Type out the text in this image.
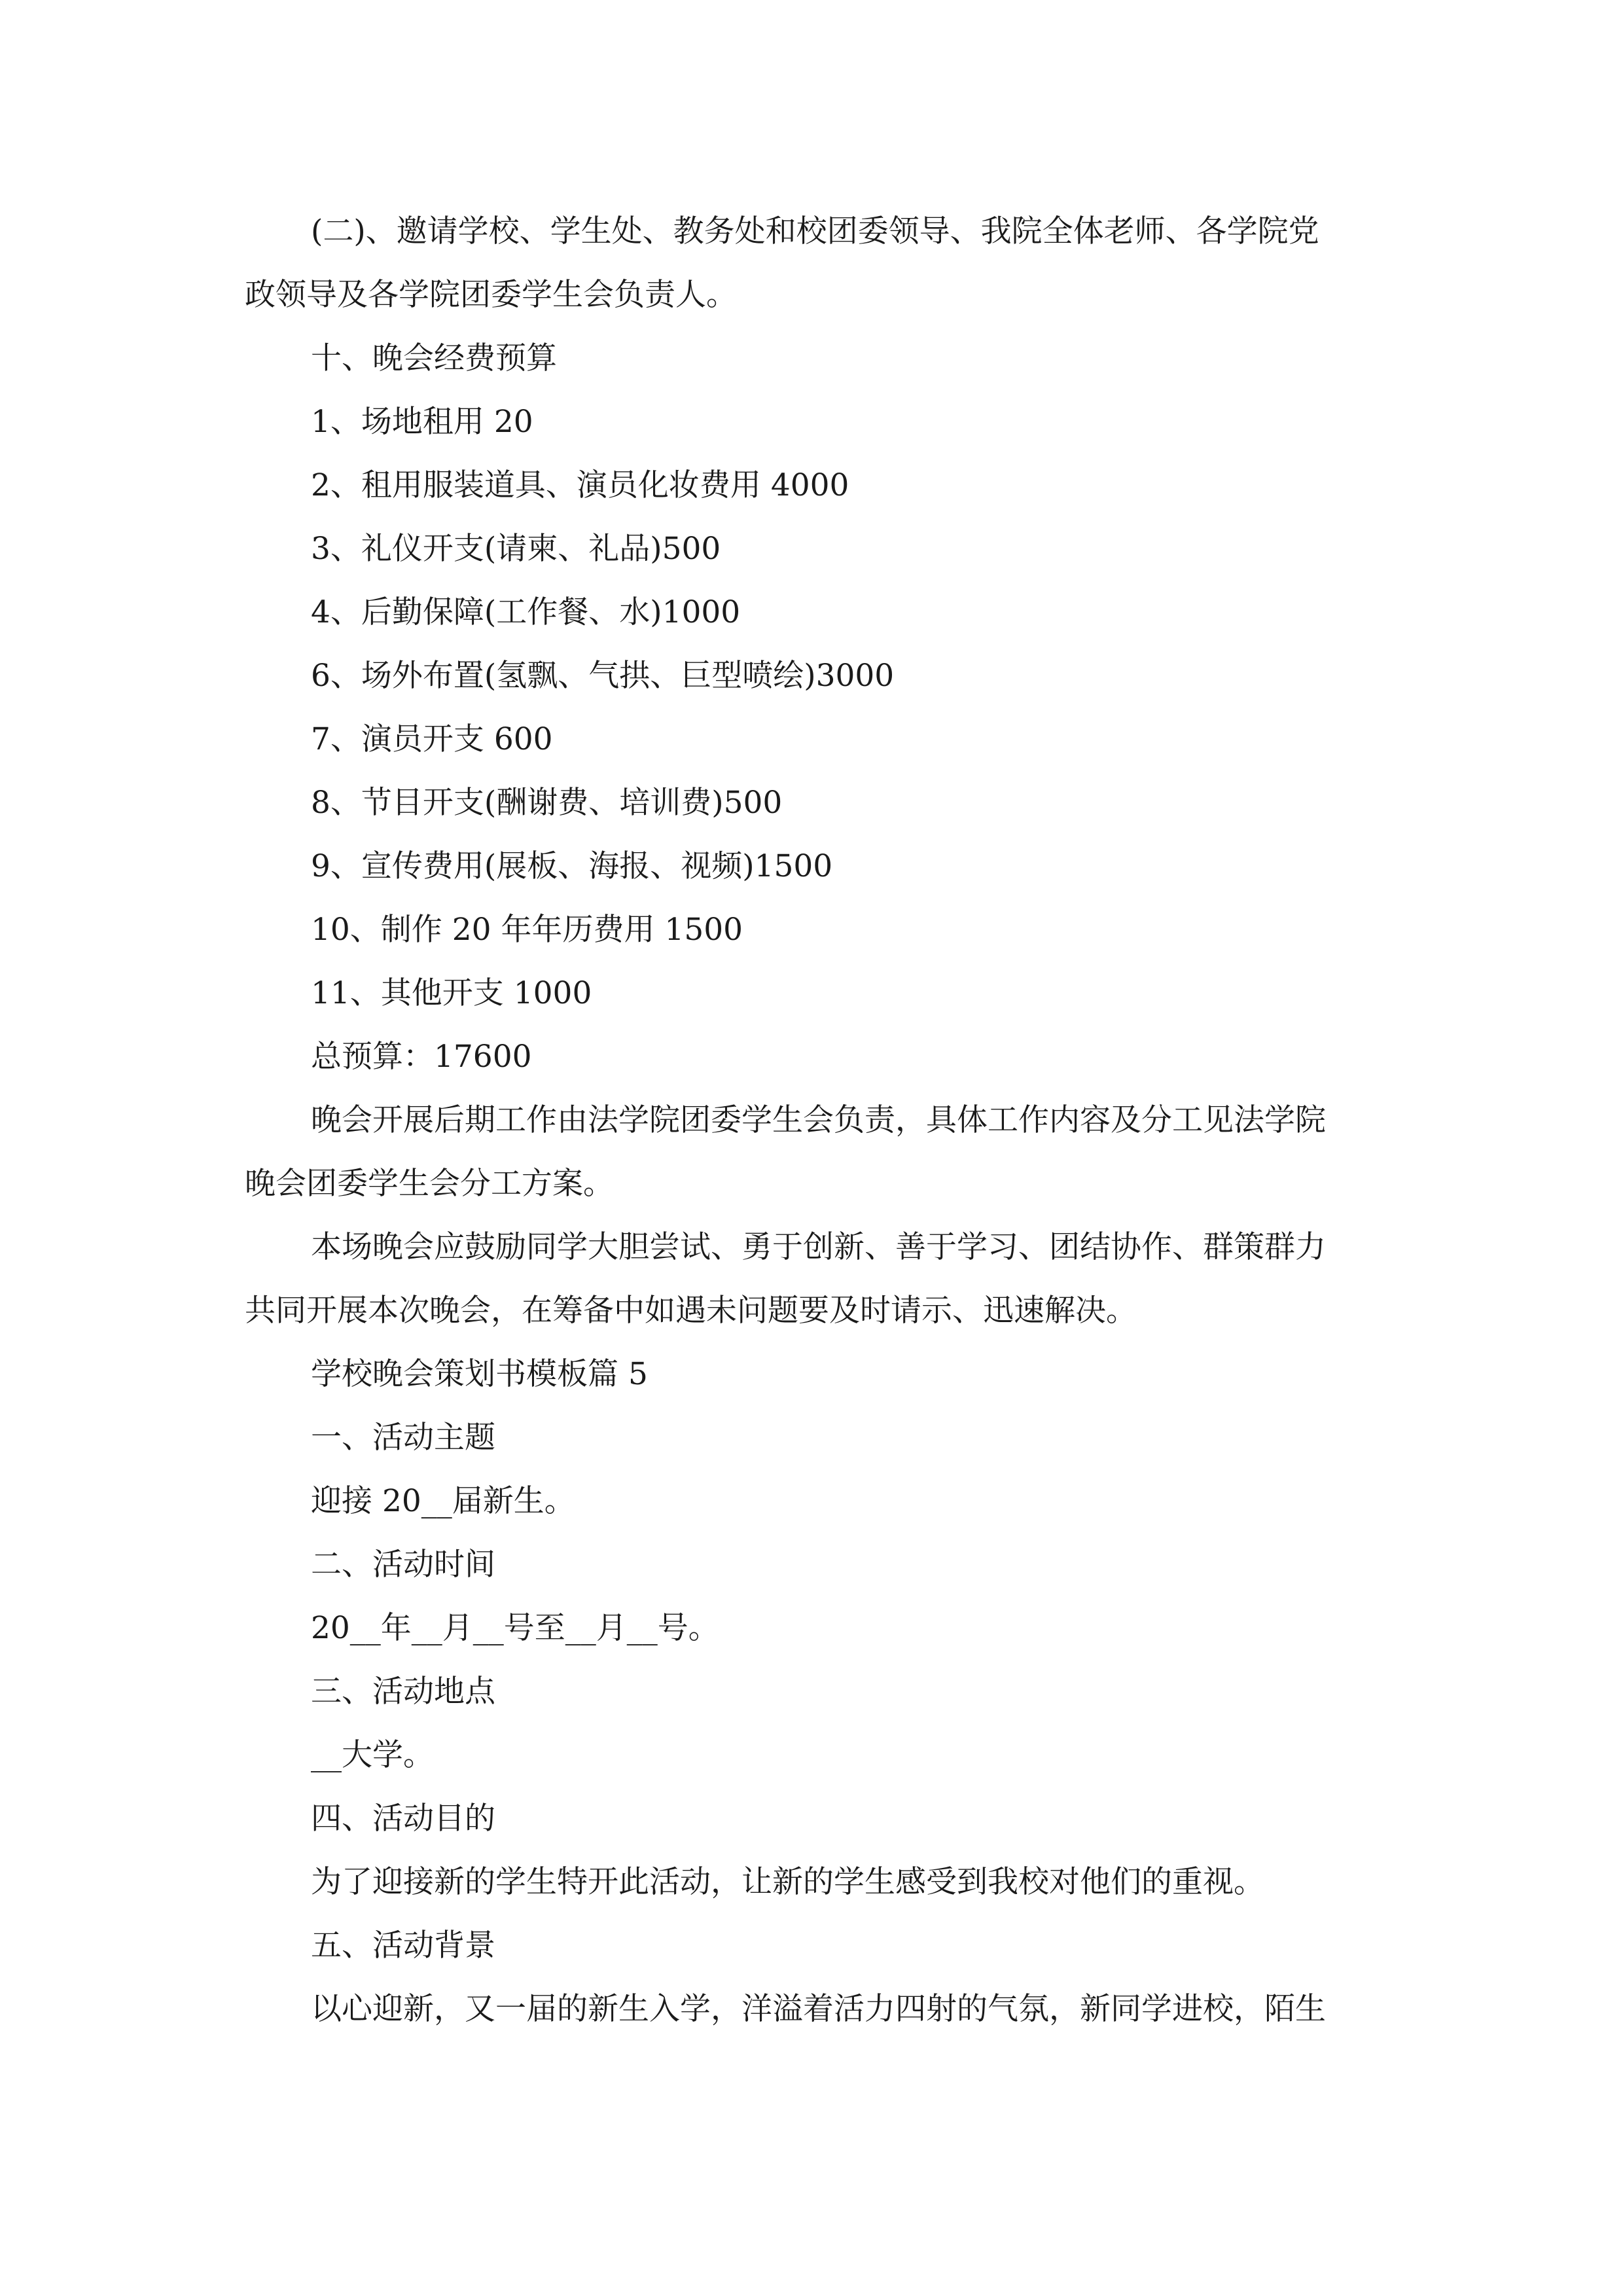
(二)、邀请学校、学生处、教务处和校团委领导、我院全体老师、各学院党

政领导及各学院团委学生会负责人。

十、晚会经费预算

1、场地租用 20

2、租用服装道具、演员化妆费用 4000

3、礼仪开支(请柬、礼品)500

4、后勤保障(工作餐、水)1000

6、场外布置(氢飘、气拱、巨型喷绘)3000

7、演员开支 600

8、节目开支(酬谢费、培训费)500

9、宣传费用(展板、海报、视频)1500

10、制作 20 年年历费用 1500

11、其他开支 1000

总预算：17600

晚会开展后期工作由法学院团委学生会负责，具体工作内容及分工见法学院

晚会团委学生会分工方案。

本场晚会应鼓励同学大胆尝试、勇于创新、善于学习、团结协作、群策群力

共同开展本次晚会，在筹备中如遇未问题要及时请示、迅速解决。

学校晚会策划书模板篇 5

一、活动主题

迎接 20__届新生。

二、活动时间

20__年__月__号至__月__号。

三、活动地点

__大学。

四、活动目的

为了迎接新的学生特开此活动，让新的学生感受到我校对他们的重视。

五、活动背景

以心迎新，又一届的新生入学，洋溢着活力四射的气氛，新同学进校，陌生
